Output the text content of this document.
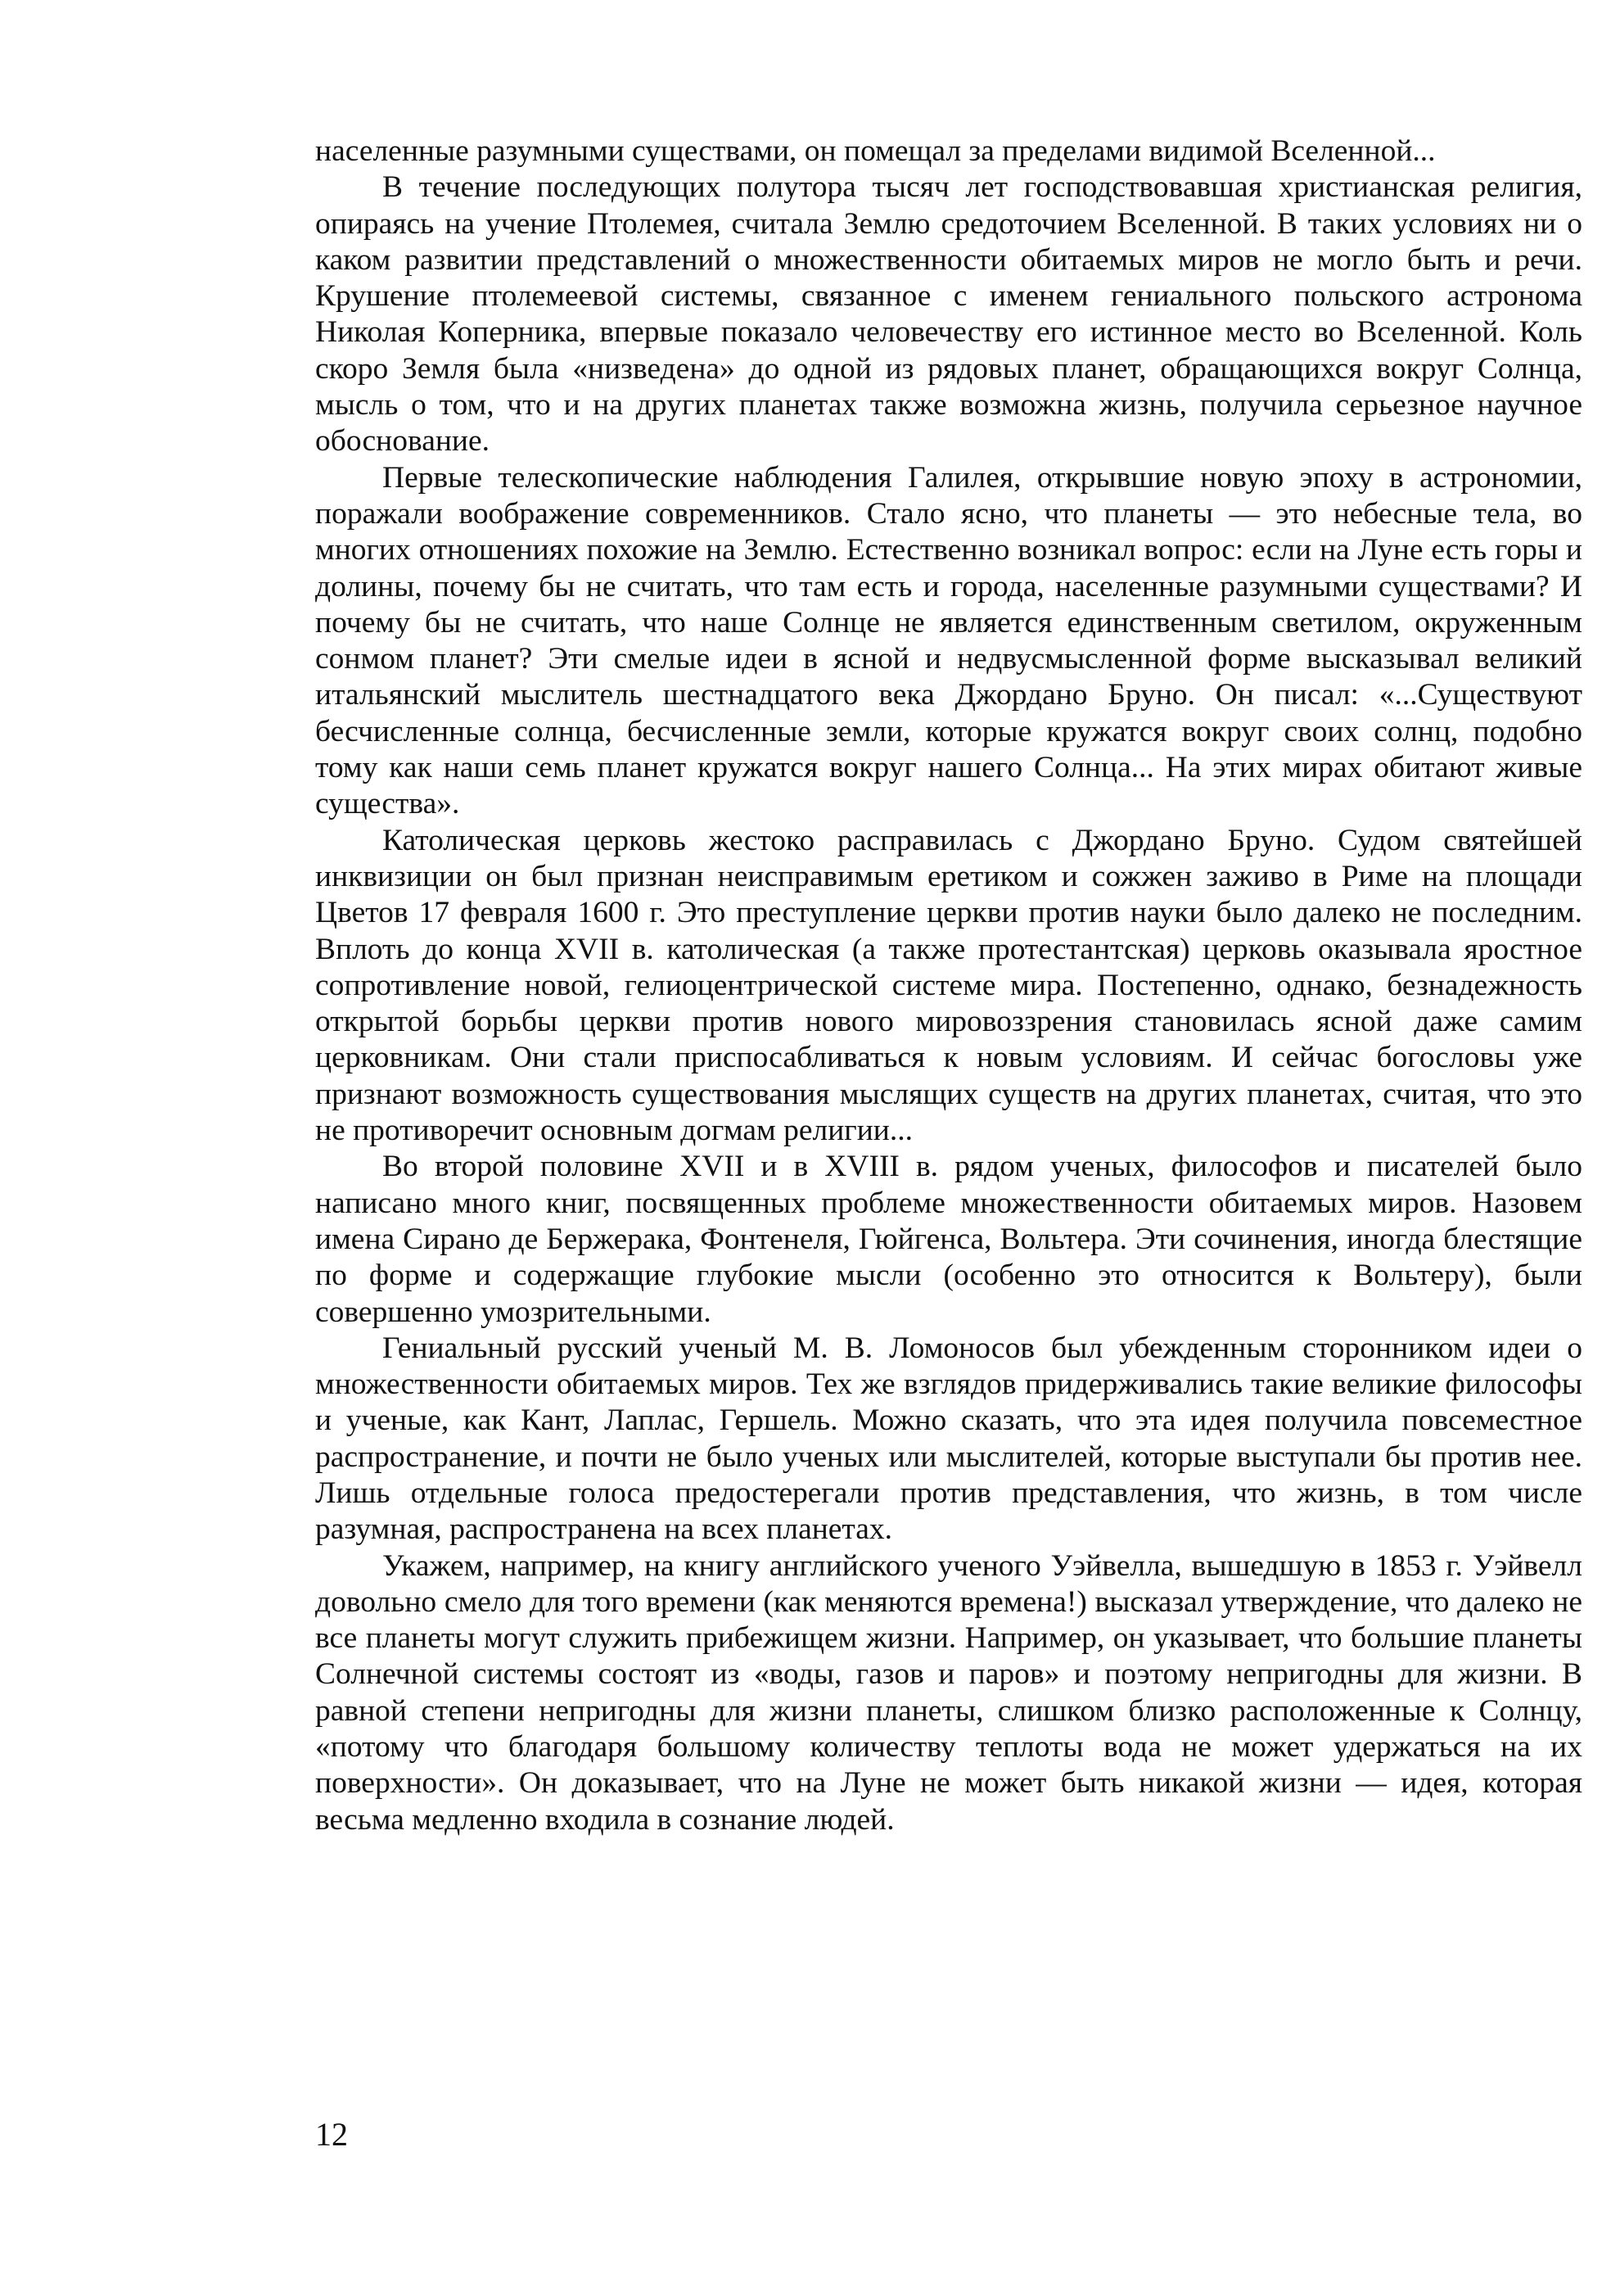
населенные разумными существами, он помещал за пределами видимой Вселенной...

В течение последующих полутора тысяч лет господствовавшая христианская религия, опираясь на учение Птолемея, считала Землю средоточием Вселенной. В таких условиях ни о каком развитии представлений о множественности обитаемых миров не могло быть и речи. Крушение птолемеевой системы, связанное с именем гениального польского астронома Николая Коперника, впервые показало человечеству его истинное место во Вселенной. Коль скоро Земля была «низведена» до одной из рядовых планет, обращающихся вокруг Солнца, мысль о том, что и на других планетах также возможна жизнь, получила серьезное научное обоснование.

Первые телескопические наблюдения Галилея, открывшие новую эпоху в астрономии, поражали воображение современников. Стало ясно, что планеты — это небесные тела, во многих отношениях похожие на Землю. Естественно возникал вопрос: если на Луне есть горы и долины, почему бы не считать, что там есть и города, населенные разумными существами? И почему бы не считать, что наше Солнце не является единственным светилом, окруженным сонмом планет? Эти смелые идеи в ясной и недвусмысленной форме высказывал великий итальянский мыслитель шестнадцатого века Джордано Бруно. Он писал: «...Существуют бесчисленные солнца, бесчисленные земли, которые кружатся вокруг своих солнц, подобно тому как наши семь планет кружатся вокруг нашего Солнца... На этих мирах обитают живые существа».

Католическая церковь жестоко расправилась с Джордано Бруно. Судом святейшей инквизиции он был признан неисправимым еретиком и сожжен заживо в Риме на площади Цветов 17 февраля 1600 г. Это преступление церкви против науки было далеко не последним. Вплоть до конца XVII в. католическая (а также протестантская) церковь оказывала яростное сопротивление новой, гелиоцентрической системе мира. Постепенно, однако, безнадежность открытой борьбы церкви против нового мировоззрения становилась ясной даже самим церковникам. Они стали приспосабливаться к новым условиям. И сейчас богословы уже признают возможность существования мыслящих существ на других планетах, считая, что это не противоречит основным догмам религии...

Во второй половине XVII и в XVIII в. рядом ученых, философов и писателей было написано много книг, посвященных проблеме множественности обитаемых миров. Назовем имена Сирано де Бержерака, Фонтенеля, Гюйгенса, Вольтера. Эти сочинения, иногда блестящие по форме и содержащие глубокие мысли (особенно это относится к Вольтеру), были совершенно умозрительными.

Гениальный русский ученый М. В. Ломоносов был убежденным сторонником идеи о множественности обитаемых миров. Тех же взглядов придерживались такие великие философы и ученые, как Кант, Лаплас, Гершель. Можно сказать, что эта идея получила повсеместное распространение, и почти не было ученых или мыслителей, которые выступали бы против нее. Лишь отдельные голоса предостерегали против представления, что жизнь, в том числе разумная, распространена на всех планетах.

Укажем, например, на книгу английского ученого Уэйвелла, вышедшую в 1853 г. Уэйвелл довольно смело для того времени (как меняются времена!) высказал утверждение, что далеко не все планеты могут служить прибежищем жизни. Например, он указывает, что большие планеты Солнечной системы состоят из «воды, газов и паров» и поэтому непригодны для жизни. В равной степени непригодны для жизни планеты, слишком близко расположенные к Солнцу, «потому что благодаря большому количеству теплоты вода не может удержаться на их поверхности». Он доказывает, что на Луне не может быть никакой жизни — идея, которая весьма медленно входила в сознание людей.

12
